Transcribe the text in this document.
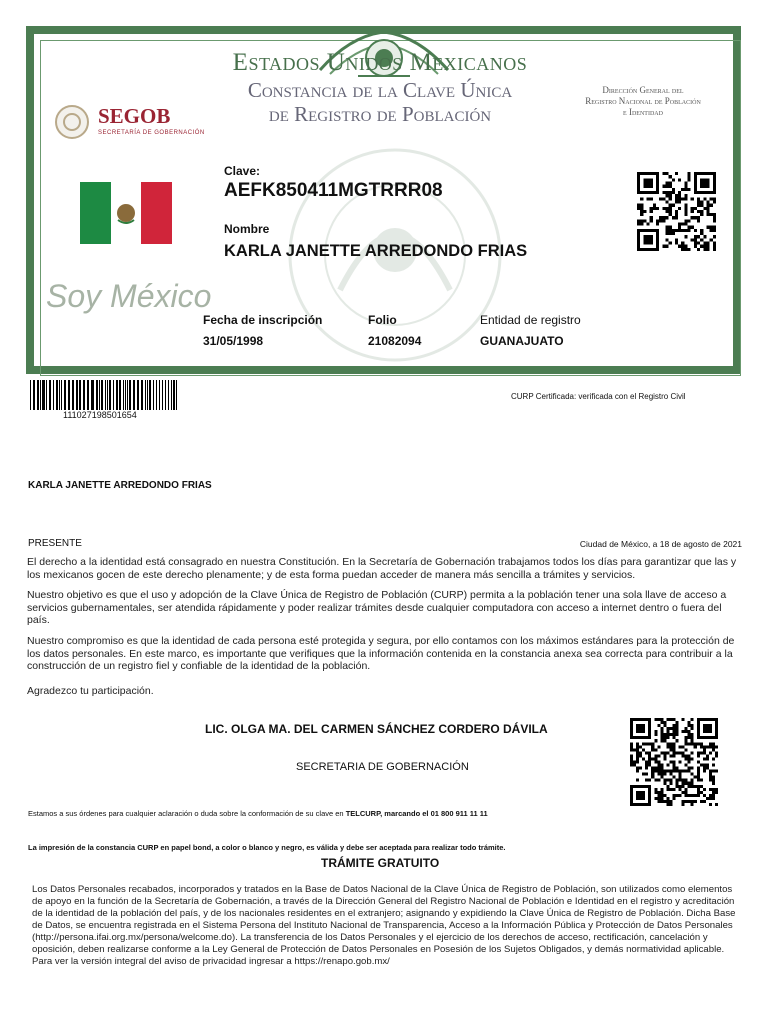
Estados Unidos Mexicanos
Constancia de la Clave Única
de Registro de Población
Dirección General del
Registro Nacional de Población
e Identidad
SEGOB
SECRETARÍA DE GOBERNACIÓN
Clave:
AEFK850411MGTRRR08
Nombre
KARLA JANETTE ARREDONDO FRIAS
Soy México
Fecha de inscripción
31/05/1998
Folio
21082094
Entidad de registro
GUANAJUATO
111027198501654
CURP Certificada: verificada con el Registro Civil
KARLA JANETTE ARREDONDO FRIAS
PRESENTE	Ciudad de México, a 18 de agosto de 2021
El derecho a la identidad está consagrado en nuestra Constitución. En la Secretaría de Gobernación trabajamos todos los días para garantizar que las y los mexicanos gocen de este derecho plenamente; y de esta forma puedan acceder de manera más sencilla a trámites y servicios.
Nuestro objetivo es que el uso y adopción de la Clave Única de Registro de Población (CURP) permita a la población tener una sola llave de acceso a servicios gubernamentales, ser atendida rápidamente y poder realizar trámites desde cualquier computadora con acceso a internet dentro o fuera del país.
Nuestro compromiso es que la identidad de cada persona esté protegida y segura, por ello contamos con los máximos estándares para la protección de los datos personales. En este marco, es importante que verifiques que la información contenida en la constancia anexa sea correcta para contribuir a la construcción de un registro fiel y confiable de la identidad de la población.
Agradezco tu participación.
LIC. OLGA MA. DEL CARMEN SÁNCHEZ CORDERO DÁVILA
SECRETARIA DE GOBERNACIÓN
Estamos a sus órdenes para cualquier aclaración o duda sobre la conformación de su clave en TELCURP, marcando el 01 800 911 11 11
La impresión de la constancia CURP en papel bond, a color o blanco y negro, es válida y debe ser aceptada para realizar todo trámite.
TRÁMITE GRATUITO
Los Datos Personales recabados, incorporados y tratados en la Base de Datos Nacional de la Clave Única de Registro de Población, son utilizados como elementos de apoyo en la función de la Secretaría de Gobernación, a través de la Dirección General del Registro Nacional de Población e Identidad en el registro y acreditación de la identidad de la población del país, y de los nacionales residentes en el extranjero; asignando y expidiendo la Clave Única de Registro de Población. Dicha Base de Datos, se encuentra registrada en el Sistema Persona del Instituto Nacional de Transparencia, Acceso a la Información Pública y Protección de Datos Personales (http://persona.ifai.org.mx/persona/welcome.do). La transferencia de los Datos Personales y el ejercicio de los derechos de acceso, rectificación, cancelación y oposición, deben realizarse conforme a la Ley General de Protección de Datos Personales en Posesión de los Sujetos Obligados, y demás normatividad aplicable. Para ver la versión integral del aviso de privacidad ingresar a https://renapo.gob.mx/
